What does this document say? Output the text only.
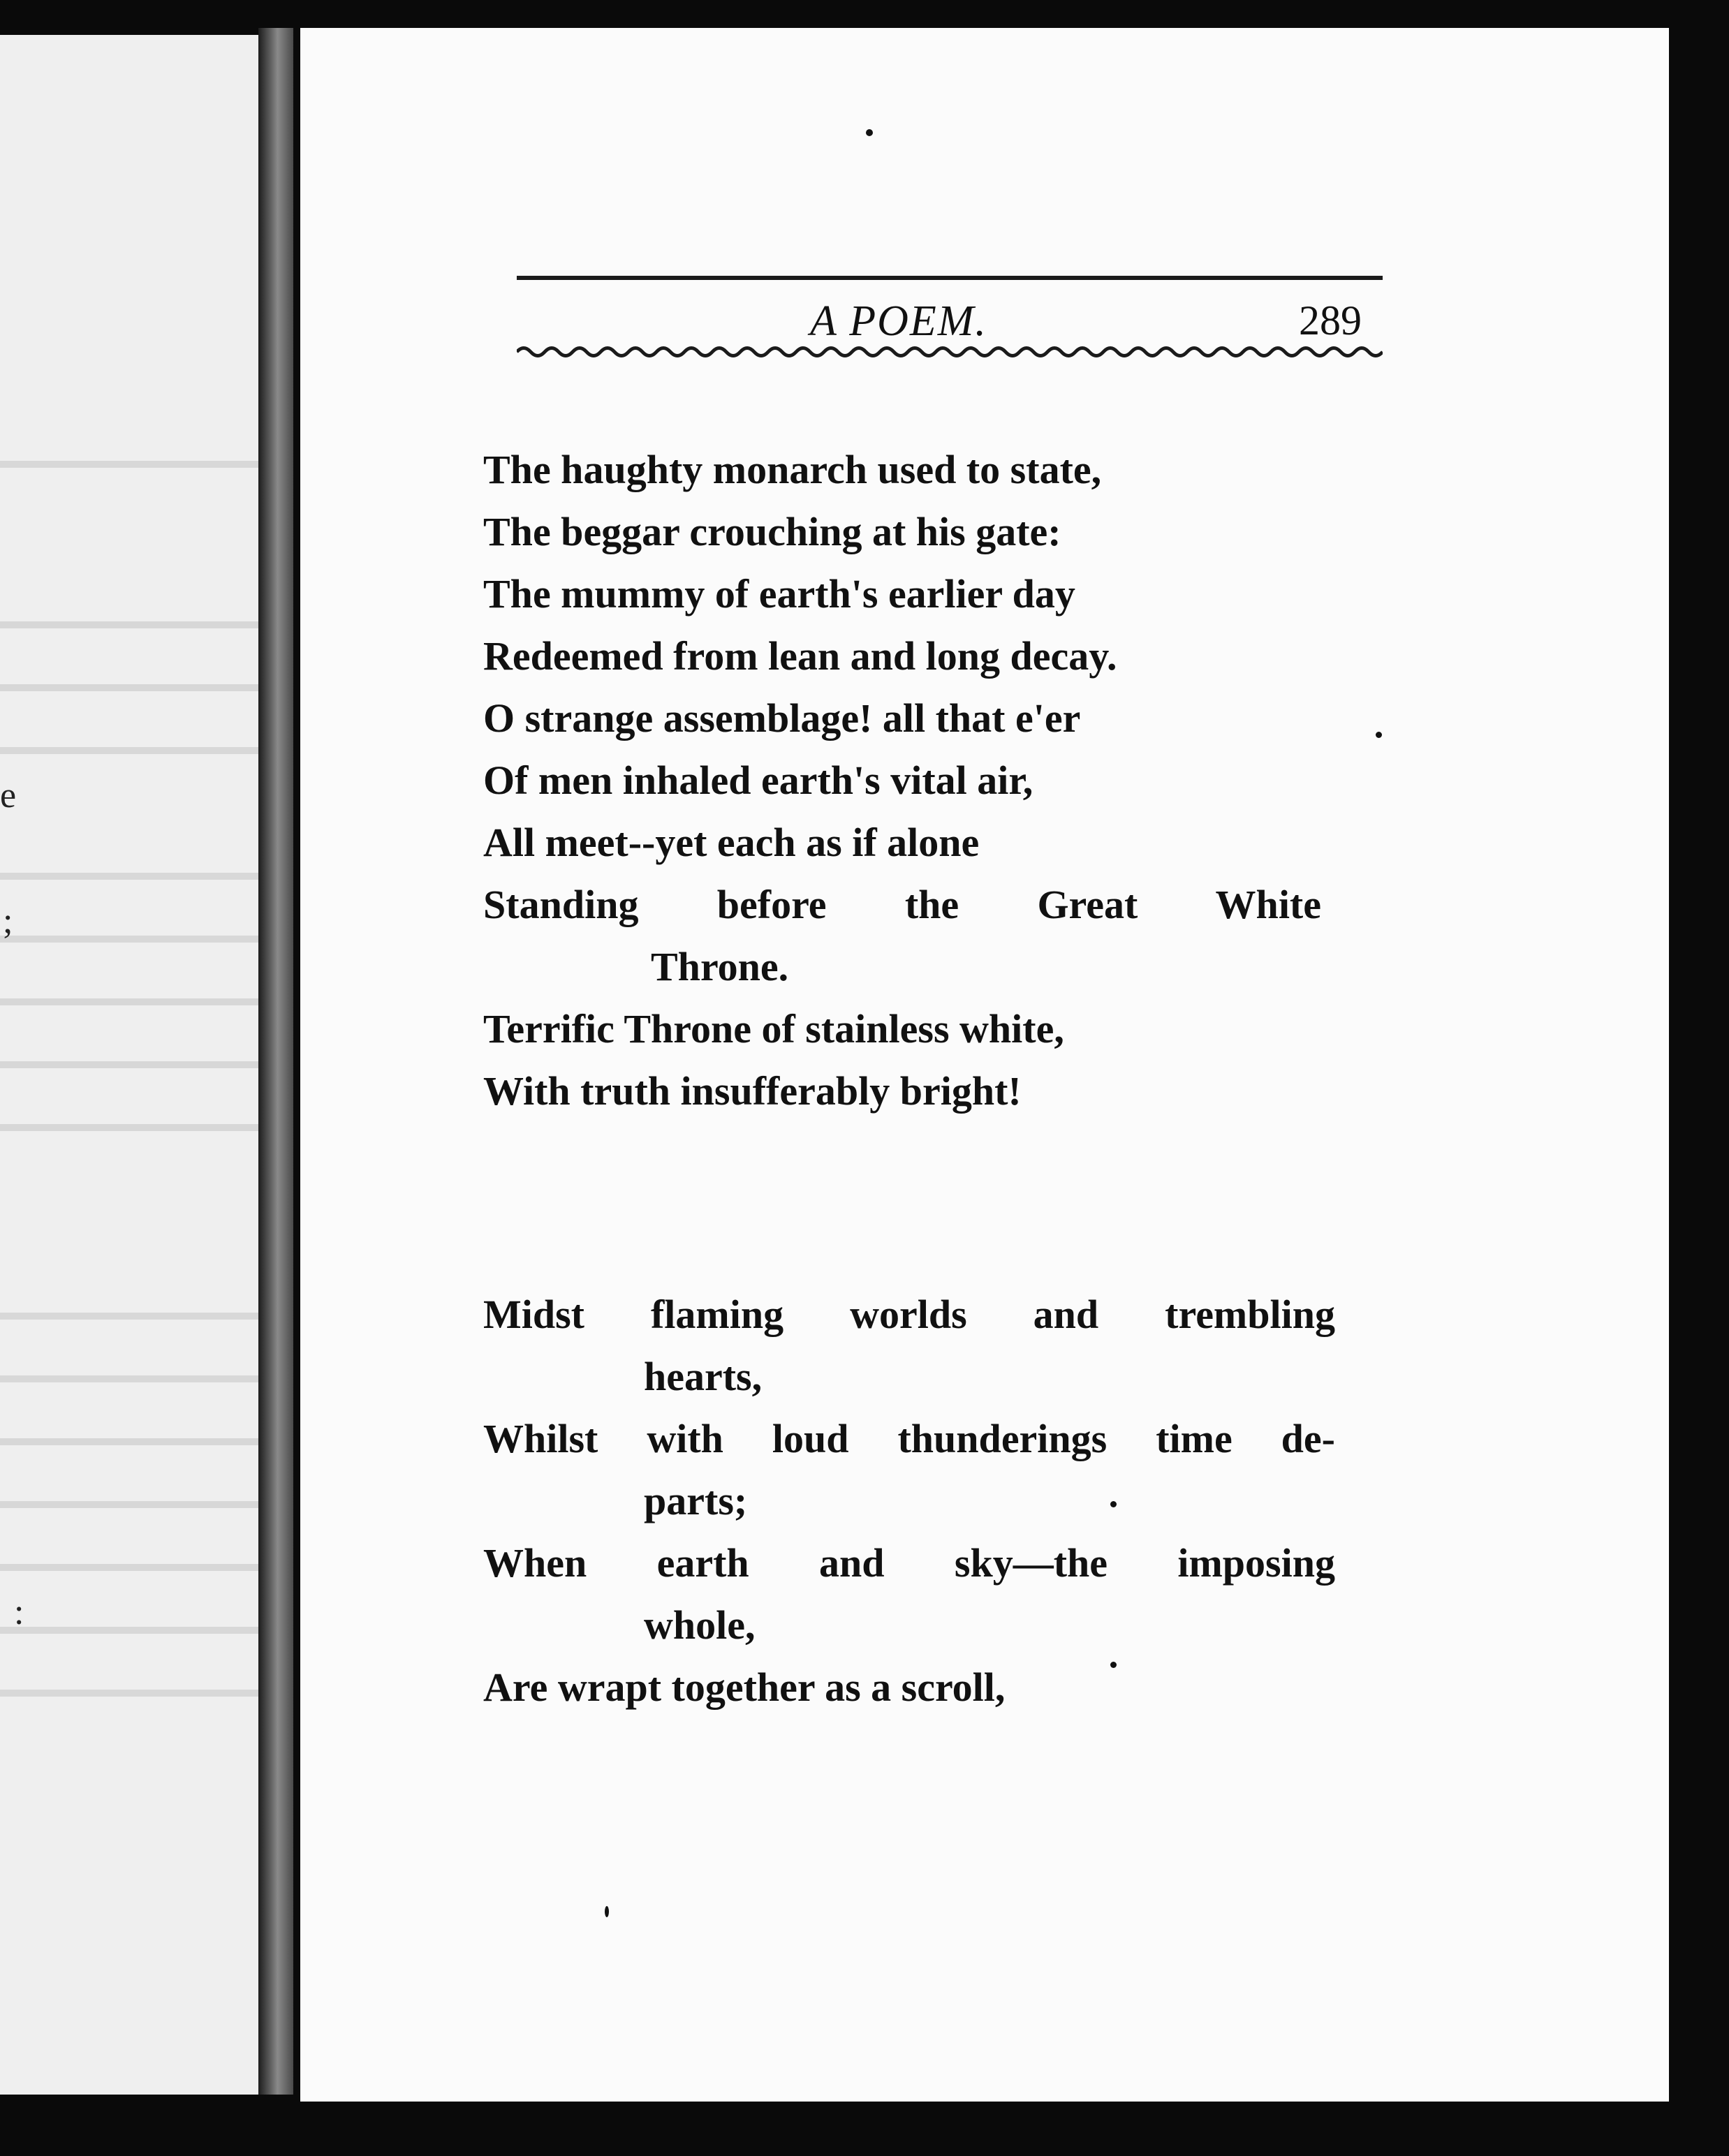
e
;
:
A POEM.	289
The haughty monarch used to state,
The beggar crouching at his gate:
The mummy of earth's earlier day
Redeemed from lean and long decay.
O strange assemblage! all that e'er
Of men inhaled earth's vital air,
All meet--yet each as if alone
Standing before the Great White
Throne.
Terrific Throne of stainless white,
With truth insufferably bright!
Midst flaming worlds and trembling
hearts,
Whilst with loud thunderings time de-
parts;
When earth and sky—the imposing
whole,
Are wrapt together as a scroll,
